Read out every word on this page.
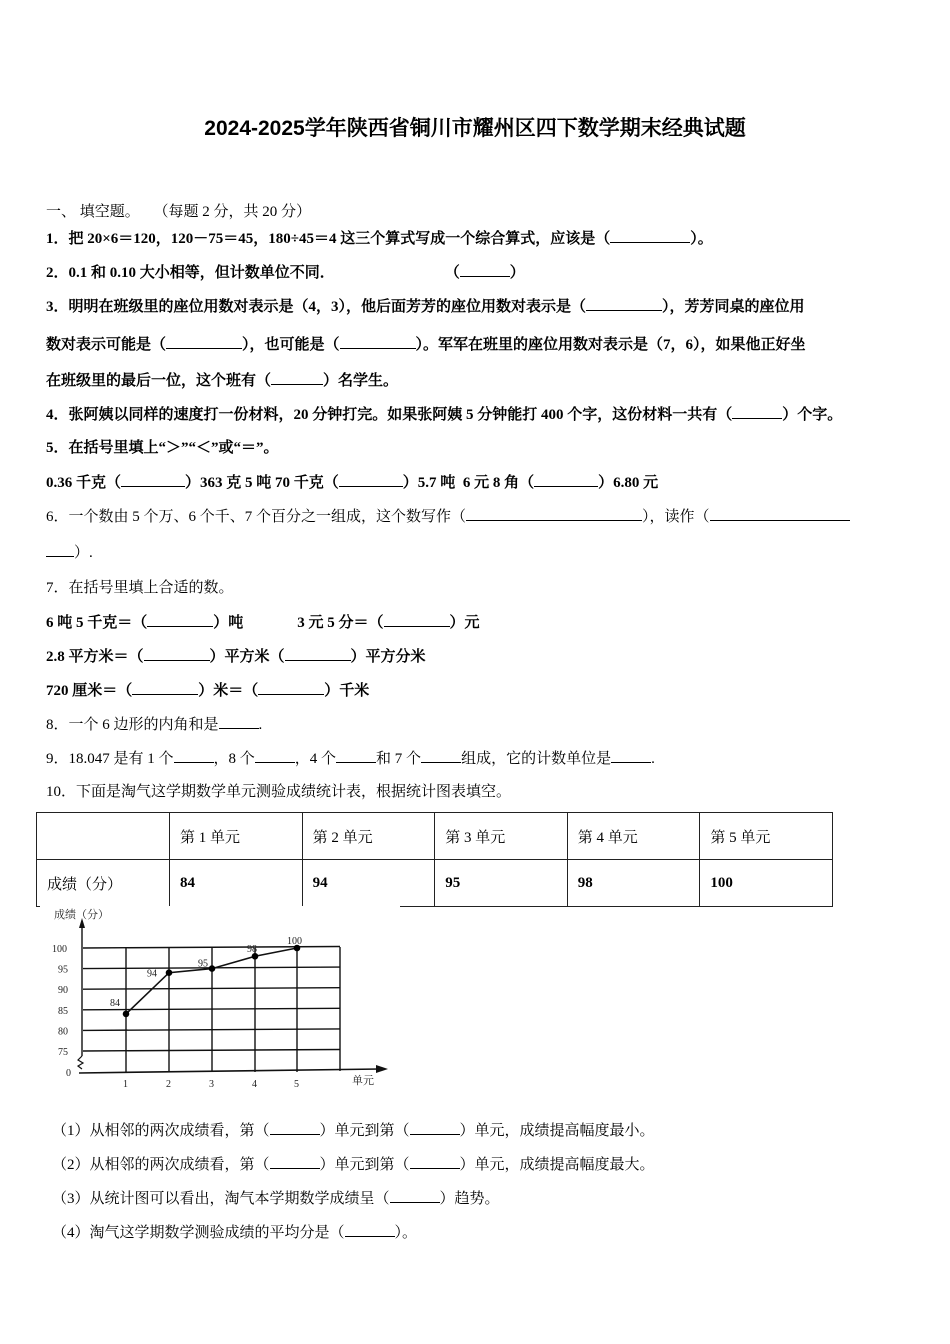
2024-2025学年陕西省铜川市耀州区四下数学期末经典试题
一、 填空题。 （每题 2 分，共 20 分）
1．把 20×6＝120，120－75＝45，180÷45＝4 这三个算式写成一个综合算式，应该是（	）。
2．0.1 和 0.10 大小相等，但计数单位不同．	（	）
3．明明在班级里的座位用数对表示是（4，3），他后面芳芳的座位用数对表示是（	），芳芳同桌的座位用
数对表示可能是（	），也可能是（	）。军军在班里的座位用数对表示是（7，6），如果他正好坐
在班级里的最后一位，这个班有（	）名学生。
4．张阿姨以同样的速度打一份材料，20 分钟打完。如果张阿姨 5 分钟能打 400 个字，这份材料一共有（	）个字。
5．在括号里填上“＞”“＜”或“＝”。
0.36 千克（	）363 克 5 吨 70 千克（	）5.7 吨 6 元 8 角（	）6.80 元
6．一个数由 5 个万、6 个千、7 个百分之一组成，这个数写作（	），读作（
）.
7．在括号里填上合适的数。
6 吨 5 千克＝（	）吨	3 元 5 分＝（	）元
2.8 平方米＝（	）平方米（	）平方分米
720 厘米＝（	）米＝（	）千米
8．一个 6 边形的内角和是	.
9．18.047 是有 1 个	，8 个	，4 个	和 7 个	组成，它的计数单位是	.
10．下面是淘气这学期数学单元测验成绩统计表，根据统计图表填空。
	第 1 单元	第 2 单元	第 3 单元	第 4 单元	第 5 单元
成绩（分）	84	94	95	98	100
84
94
95
98
100
0
75
80
85
90
95
100
1	2	3	4	5
成绩（分）
单元
（1）从相邻的两次成绩看，第（	）单元到第（	）单元，成绩提高幅度最小。
（2）从相邻的两次成绩看，第（	）单元到第（	）单元，成绩提高幅度最大。
（3）从统计图可以看出，淘气本学期数学成绩呈（	）趋势。
（4）淘气这学期数学测验成绩的平均分是（	）。
